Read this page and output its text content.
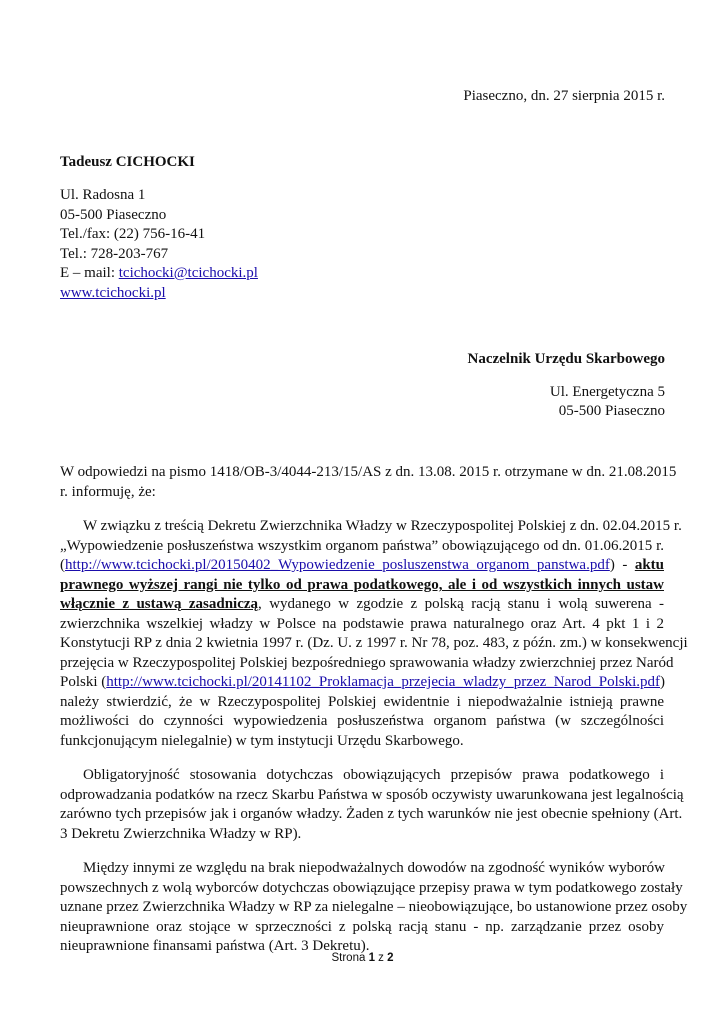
Piaseczno, dn. 27 sierpnia 2015 r.
Tadeusz CICHOCKI
Ul. Radosna 1
05-500 Piaseczno
Tel./fax: (22) 756-16-41
Tel.: 728-203-767
E – mail: tcichocki@tcichocki.pl
www.tcichocki.pl
Naczelnik Urzędu Skarbowego
Ul. Energetyczna 5
05-500 Piaseczno
W odpowiedzi na pismo 1418/OB-3/4044-213/15/AS z dn. 13.08. 2015 r. otrzymane w dn. 21.08.2015
r. informuję, że:
W związku z treścią Dekretu Zwierzchnika Władzy w Rzeczypospolitej Polskiej z dn. 02.04.2015 r.
„Wypowiedzenie posłuszeństwa wszystkim organom państwa” obowiązującego od dn. 01.06.2015 r.
(http://www.tcichocki.pl/20150402_Wypowiedzenie_posluszenstwa_organom_panstwa.pdf) - aktu
prawnego wyższej rangi nie tylko od prawa podatkowego, ale i od wszystkich innych ustaw
włącznie z ustawą zasadniczą, wydanego w zgodzie z polską racją stanu i wolą suwerena -
zwierzchnika wszelkiej władzy w Polsce na podstawie prawa naturalnego oraz Art. 4 pkt 1 i 2
Konstytucji RP z dnia 2 kwietnia 1997 r. (Dz. U. z 1997 r. Nr 78, poz. 483, z późn. zm.) w konsekwencji
przejęcia w Rzeczypospolitej Polskiej bezpośredniego sprawowania władzy zwierzchniej przez Naród
Polski (http://www.tcichocki.pl/20141102_Proklamacja_przejecia_wladzy_przez_Narod_Polski.pdf)
należy stwierdzić, że w Rzeczypospolitej Polskiej ewidentnie i niepodważalnie istnieją prawne
możliwości do czynności wypowiedzenia posłuszeństwa organom państwa (w szczególności
funkcjonującym nielegalnie) w tym instytucji Urzędu Skarbowego.
Obligatoryjność stosowania dotychczas obowiązujących przepisów prawa podatkowego i
odprowadzania podatków na rzecz Skarbu Państwa w sposób oczywisty uwarunkowana jest legalnością
zarówno tych przepisów jak i organów władzy. Żaden z tych warunków nie jest obecnie spełniony (Art.
3 Dekretu Zwierzchnika Władzy w RP).
Między innymi ze względu na brak niepodważalnych dowodów na zgodność wyników wyborów
powszechnych z wolą wyborców dotychczas obowiązujące przepisy prawa w tym podatkowego zostały
uznane przez Zwierzchnika Władzy w RP za nielegalne – nieobowiązujące, bo ustanowione przez osoby
nieuprawnione oraz stojące w sprzeczności z polską racją stanu - np. zarządzanie przez osoby
nieuprawnione finansami państwa (Art. 3 Dekretu).
Strona 1 z 2
